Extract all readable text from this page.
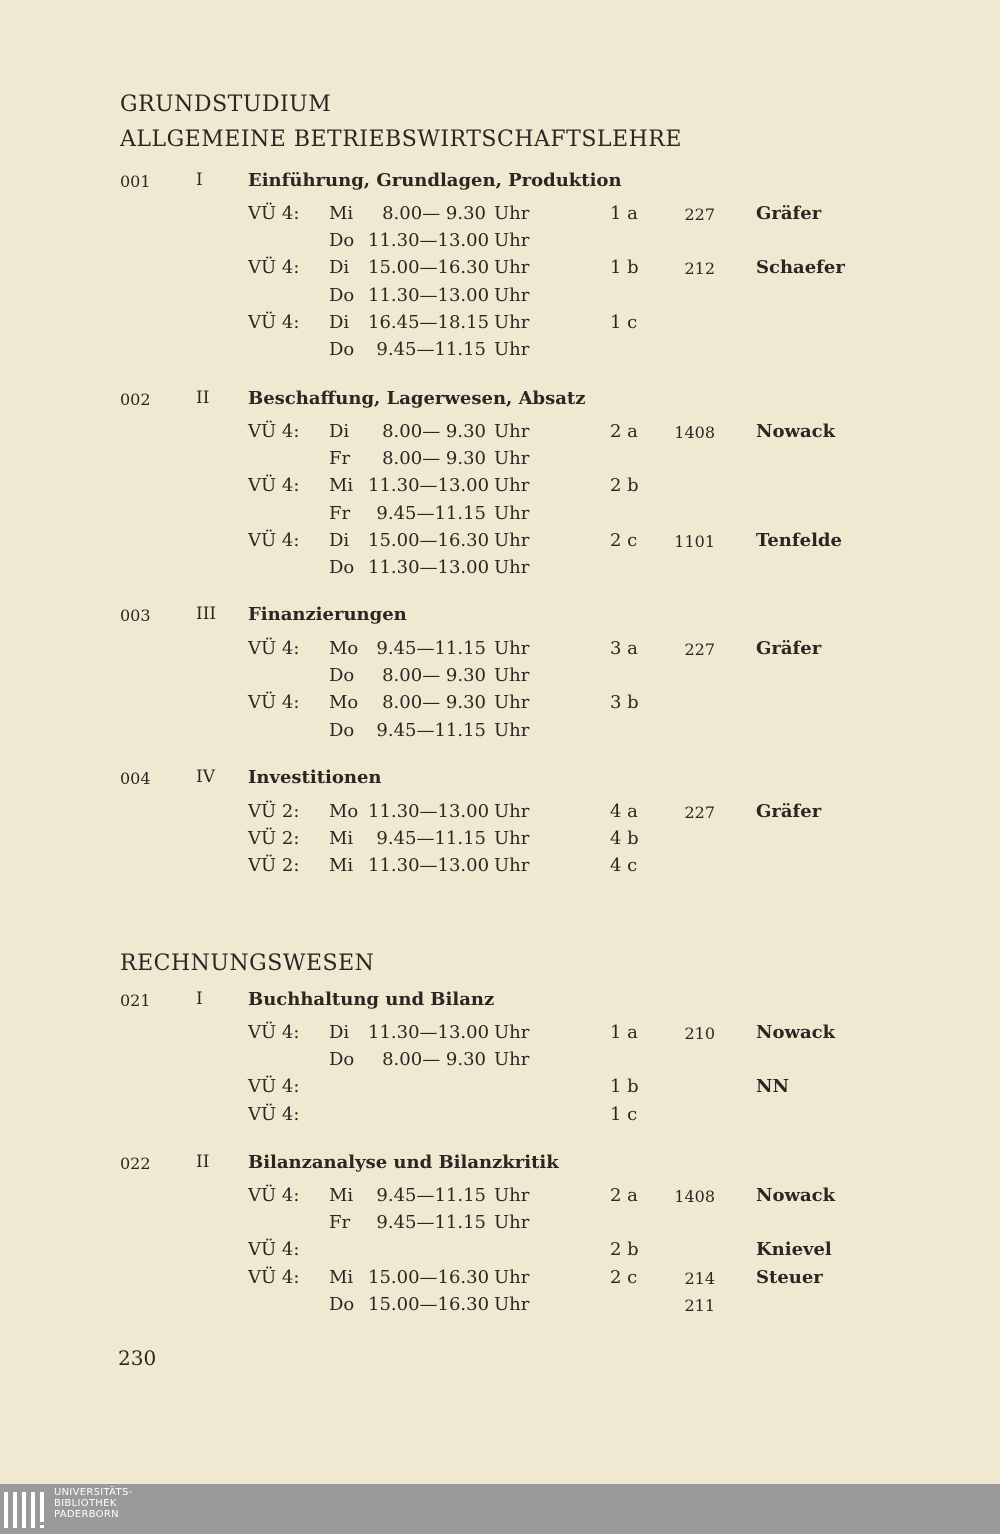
GRUNDSTUDIUM
ALLGEMEINE BETRIEBSWIRTSCHAFTSLEHRE
RECHNUNGSWESEN
001	I	Einführung, Grundlagen, Produktion
VÜ 4: Mi	8.00— 9.30 Uhr	1 a	227 Gräfer
Do 11.30—13.00 Uhr
VÜ 4: Di 15.00—16.30 Uhr	1 b	212 Schaefer
Do 11.30—13.00 Uhr
VÜ 4: Di 16.45—18.15 Uhr	1 c
Do	9.45—11.15 Uhr
002	II Beschaffung, Lagerwesen, Absatz
VÜ 4: Di	8.00— 9.30 Uhr	2 a	1408 Nowack
Fr	8.00— 9.30 Uhr
VÜ 4: Mi 11.30—13.00 Uhr	2 b
Fr	9.45—11.15 Uhr
VÜ 4: Di 15.00—16.30 Uhr	2 c	1101 Tenfelde
Do 11.30—13.00 Uhr
003	III Finanzierungen
VÜ 4: Mo	9.45—11.15 Uhr	3 a	227 Gräfer
Do	8.00— 9.30 Uhr
VÜ 4: Mo	8.00— 9.30 Uhr	3 b
Do	9.45—11.15 Uhr
004	IV Investitionen
VÜ 2: Mo 11.30—13.00 Uhr	4 a	227 Gräfer
VÜ 2: Mi	9.45—11.15 Uhr	4 b
VÜ 2: Mi 11.30—13.00 Uhr	4 c
021	I	Buchhaltung und Bilanz
VÜ 4: Di 11.30—13.00 Uhr	1 a	210 Nowack
Do	8.00— 9.30 Uhr
VÜ 4:	1 b	NN
VÜ 4:	1 c
022	II Bilanzanalyse und Bilanzkritik
VÜ 4: Mi	9.45—11.15 Uhr	2 a	1408 Nowack
Fr	9.45—11.15 Uhr
VÜ 4:	2 b	Knievel
VÜ 4: Mi 15.00—16.30 Uhr	2 c	214 Steuer
Do 15.00—16.30 Uhr	211
230
UNIVERSITÄTS-
BIBLIOTHEK
PADERBORN
